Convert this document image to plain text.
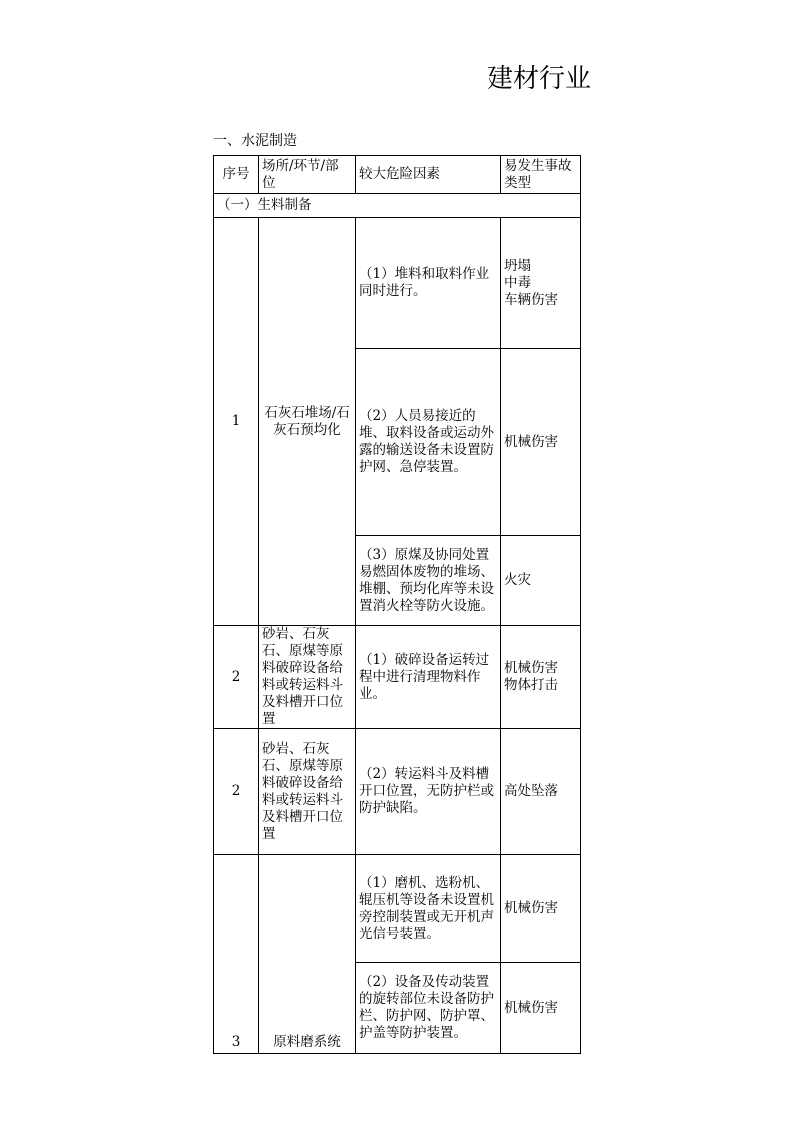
建材行业
一、水泥制造
序号	场所/环节/部位	较大危险因素	易发生事故类型
（一）生料制备			
1	石灰石堆场/石灰石预均化	（1）堆料和取料作业同时进行。	坍塌
中毒
车辆伤害
		（2）人员易接近的堆、取料设备或运动外露的输送设备未设置防护网、急停装置。	机械伤害
		（3）原煤及协同处置易燃固体废物的堆场、堆棚、预均化库等未设置消火栓等防火设施。	火灾
2	砂岩、石灰石、原煤等原料破碎设备给料或转运料斗及料槽开口位置	（1）破碎设备运转过程中进行清理物料作业。	机械伤害
物体打击
2	砂岩、石灰石、原煤等原料破碎设备给料或转运料斗及料槽开口位置	（2）转运料斗及料槽开口位置，无防护栏或防护缺陷。	高处坠落
3	原料磨系统	（1）磨机、选粉机、辊压机等设备未设置机旁控制装置或无开机声光信号装置。	机械伤害
		（2）设备及传动装置的旋转部位未设备防护栏、防护网、防护罩、护盖等防护装置。	机械伤害
